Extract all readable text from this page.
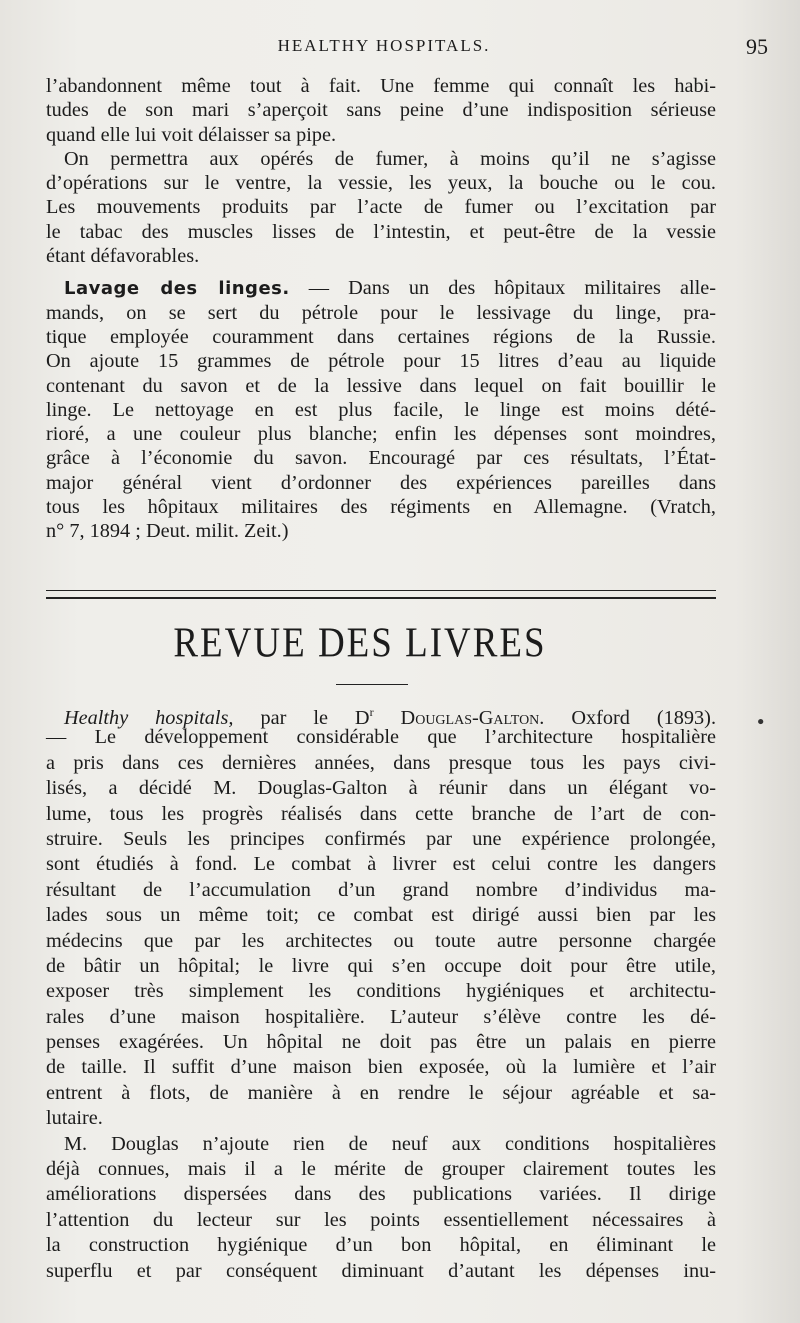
HEALTHY HOSPITALS.	95
l’abandonnent même tout à fait. Une femme qui connaît les habi-
tudes de son mari s’aperçoit sans peine d’une indisposition sérieuse
quand elle lui voit délaisser sa pipe.
On permettra aux opérés de fumer, à moins qu’il ne s’agisse
d’opérations sur le ventre, la vessie, les yeux, la bouche ou le cou.
Les mouvements produits par l’acte de fumer ou l’excitation par
le tabac des muscles lisses de l’intestin, et peut-être de la vessie
étant défavorables.
Lavage des linges. — Dans un des hôpitaux militaires alle-
mands, on se sert du pétrole pour le lessivage du linge, pra-
tique employée couramment dans certaines régions de la Russie.
On ajoute 15 grammes de pétrole pour 15 litres d’eau au liquide
contenant du savon et de la lessive dans lequel on fait bouillir le
linge. Le nettoyage en est plus facile, le linge est moins dété-
rioré, a une couleur plus blanche; enfin les dépenses sont moindres,
grâce à l’économie du savon. Encouragé par ces résultats, l’État-
major général vient d’ordonner des expériences pareilles dans
tous les hôpitaux militaires des régiments en Allemagne. (Vratch,
n° 7, 1894 ; Deut. milit. Zeit.)
REVUE DES LIVRES
Healthy hospitals, par le $D^r$ Douglas-Galton. Oxford (1893).
— Le développement considérable que l’architecture hospitalière
a pris dans ces dernières années, dans presque tous les pays civi-
lisés, a décidé M. Douglas-Galton à réunir dans un élégant vo-
lume, tous les progrès réalisés dans cette branche de l’art de con-
struire. Seuls les principes confirmés par une expérience prolongée,
sont étudiés à fond. Le combat à livrer est celui contre les dangers
résultant de l’accumulation d’un grand nombre d’individus ma-
lades sous un même toit; ce combat est dirigé aussi bien par les
médecins que par les architectes ou toute autre personne chargée
de bâtir un hôpital; le livre qui s’en occupe doit pour être utile,
exposer très simplement les conditions hygiéniques et architectu-
rales d’une maison hospitalière. L’auteur s’élève contre les dé-
penses exagérées. Un hôpital ne doit pas être un palais en pierre
de taille. Il suffit d’une maison bien exposée, où la lumière et l’air
entrent à flots, de manière à en rendre le séjour agréable et sa-
lutaire.
M. Douglas n’ajoute rien de neuf aux conditions hospitalières
déjà connues, mais il a le mérite de grouper clairement toutes les
améliorations dispersées dans des publications variées. Il dirige
l’attention du lecteur sur les points essentiellement nécessaires à
la construction hygiénique d’un bon hôpital, en éliminant le
superflu et par conséquent diminuant d’autant les dépenses inu-
•
